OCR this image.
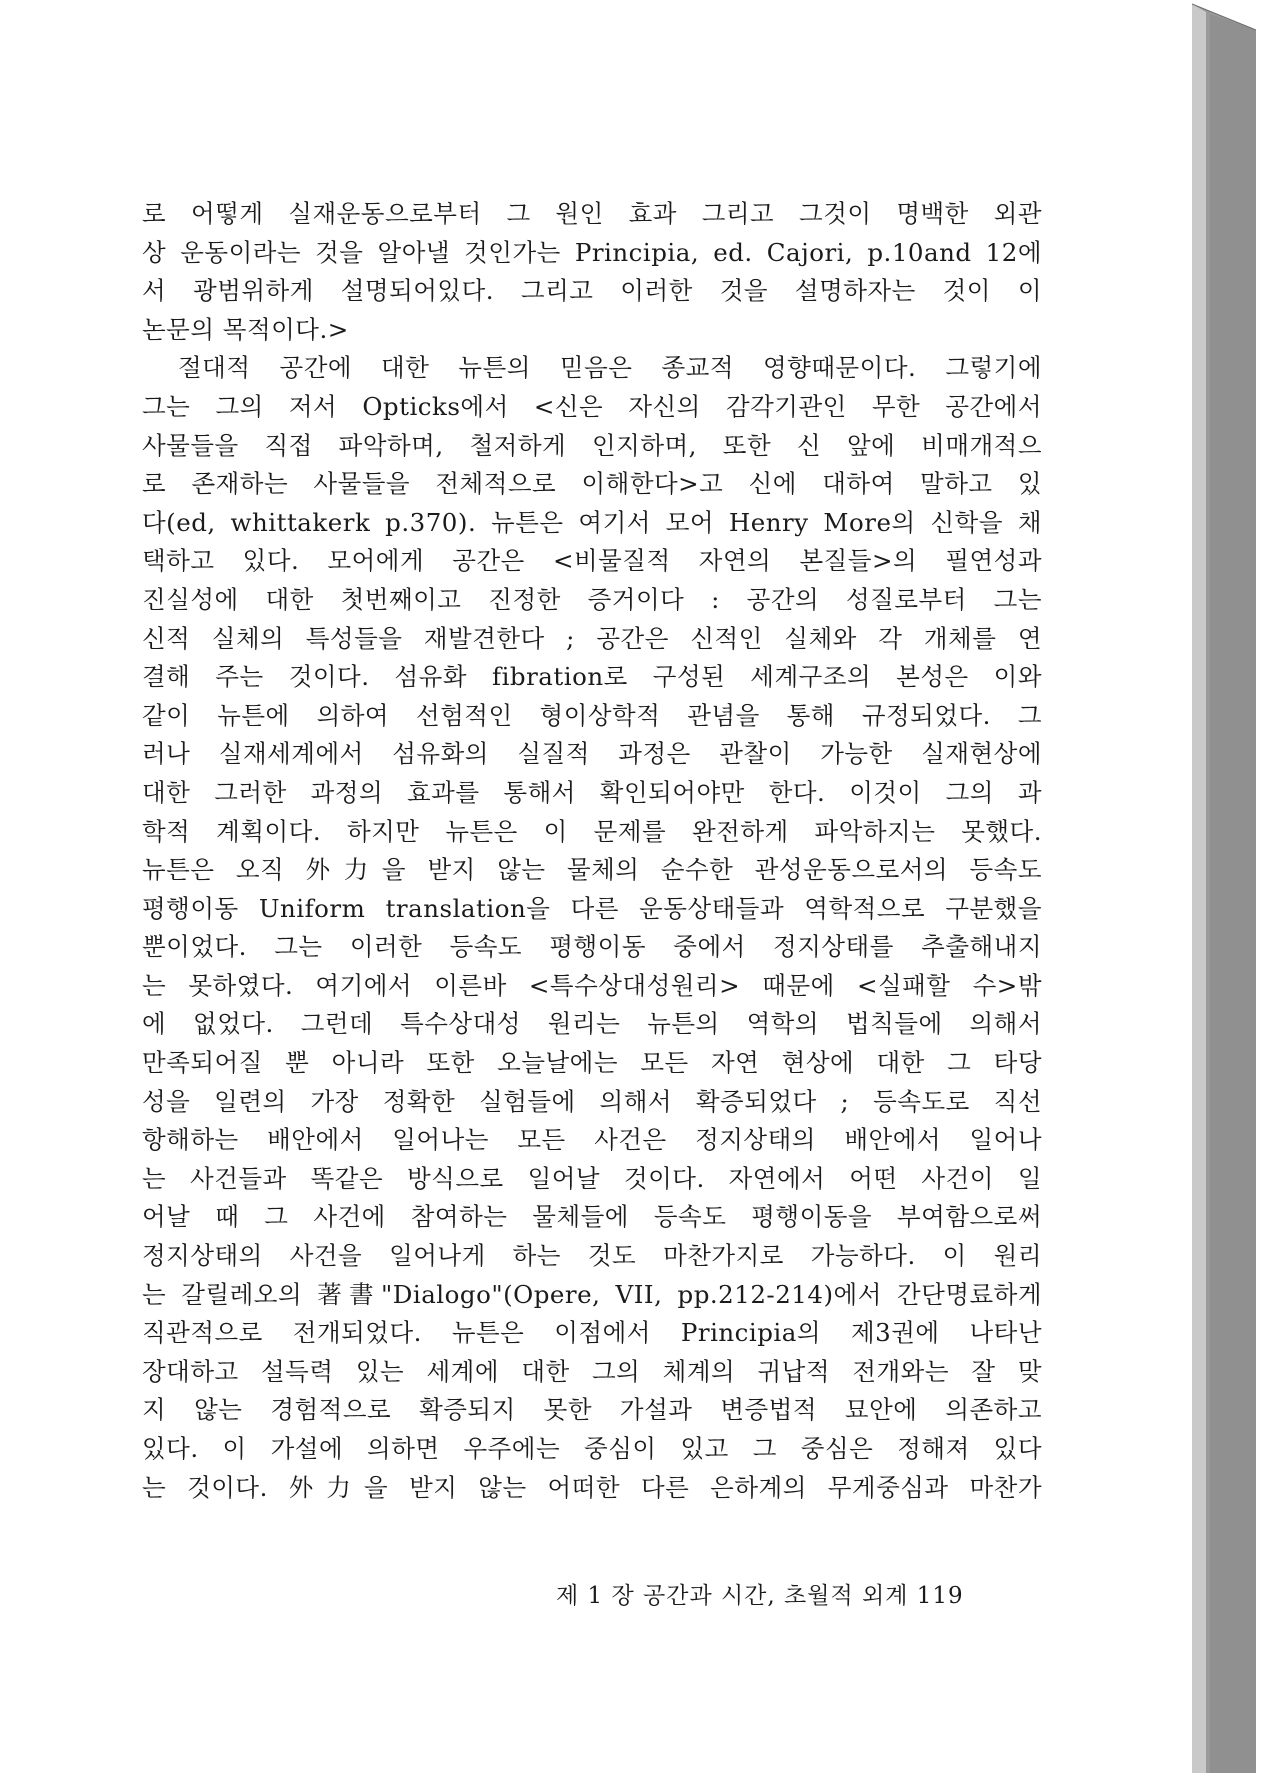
로 어떻게 실재운동으로부터 그 원인 효과 그리고 그것이 명백한 외관
상 운동이라는 것을 알아낼 것인가는 Principia, ed. Cajori, p.10and 12에
서 광범위하게 설명되어있다. 그리고 이러한 것을 설명하자는 것이 이
논문의 목적이다.>
절대적 공간에 대한 뉴튼의 믿음은 종교적 영향때문이다. 그렇기에
그는 그의 저서 Opticks에서 <신은 자신의 감각기관인 무한 공간에서
사물들을 직접 파악하며, 철저하게 인지하며, 또한 신 앞에 비매개적으
로 존재하는 사물들을 전체적으로 이해한다>고 신에 대하여 말하고 있
다(ed, whittakerk p.370). 뉴튼은 여기서 모어 Henry More의 신학을 채
택하고 있다. 모어에게 공간은 <비물질적 자연의 본질들>의 필연성과
진실성에 대한 첫번째이고 진정한 증거이다 : 공간의 성질로부터 그는
신적 실체의 특성들을 재발견한다 ; 공간은 신적인 실체와 각 개체를 연
결해 주는 것이다. 섬유화 fibration로 구성된 세계구조의 본성은 이와
같이 뉴튼에 의하여 선험적인 형이상학적 관념을 통해 규정되었다. 그
러나 실재세계에서 섬유화의 실질적 과정은 관찰이 가능한 실재현상에
대한 그러한 과정의 효과를 통해서 확인되어야만 한다. 이것이 그의 과
학적 계획이다. 하지만 뉴튼은 이 문제를 완전하게 파악하지는 못했다.
뉴튼은 오직 外力을 받지 않는 물체의 순수한 관성운동으로서의 등속도
평행이동 Uniform translation을 다른 운동상태들과 역학적으로 구분했을
뿐이었다. 그는 이러한 등속도 평행이동 중에서 정지상태를 추출해내지
는 못하였다. 여기에서 이른바 <특수상대성원리> 때문에 <실패할 수>밖
에 없었다. 그런데 특수상대성 원리는 뉴튼의 역학의 법칙들에 의해서
만족되어질 뿐 아니라 또한 오늘날에는 모든 자연 현상에 대한 그 타당
성을 일련의 가장 정확한 실험들에 의해서 확증되었다 ; 등속도로 직선
항해하는 배안에서 일어나는 모든 사건은 정지상태의 배안에서 일어나
는 사건들과 똑같은 방식으로 일어날 것이다. 자연에서 어떤 사건이 일
어날 때 그 사건에 참여하는 물체들에 등속도 평행이동을 부여함으로써
정지상태의 사건을 일어나게 하는 것도 마찬가지로 가능하다. 이 원리
는 갈릴레오의 著書"Dialogo"(Opere, VII, pp.212-214)에서 간단명료하게
직관적으로 전개되었다. 뉴튼은 이점에서 Principia의 제3권에 나타난
장대하고 설득력 있는 세계에 대한 그의 체계의 귀납적 전개와는 잘 맞
지 않는 경험적으로 확증되지 못한 가설과 변증법적 묘안에 의존하고
있다. 이 가설에 의하면 우주에는 중심이 있고 그 중심은 정해져 있다
는 것이다. 外力을 받지 않는 어떠한 다른 은하계의 무게중심과 마찬가
제 1 장 공간과 시간, 초월적 외계 119
